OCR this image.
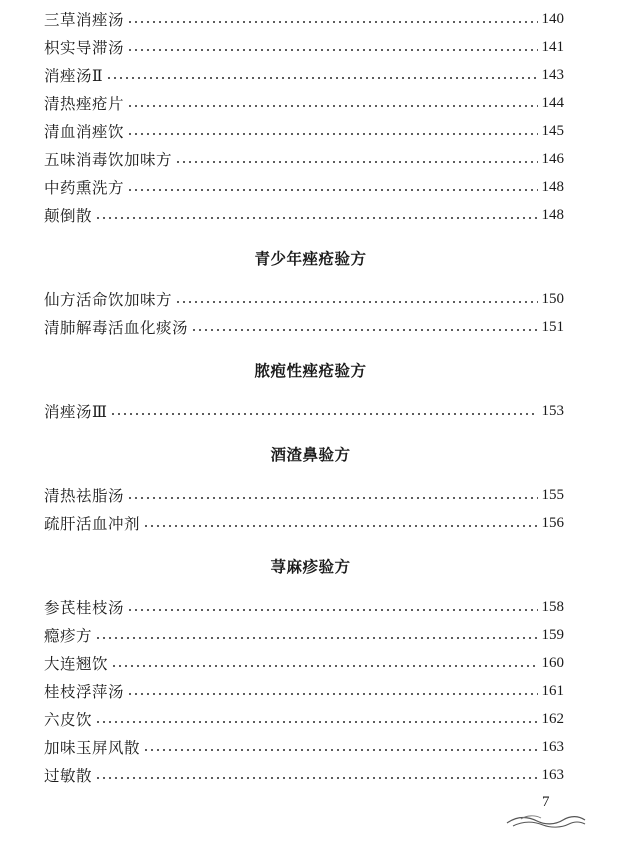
三草消痤汤	140
枳实导滞汤	141
消痤汤Ⅱ	143
清热痤疮片	144
清血消痤饮	145
五味消毒饮加味方	146
中药熏洗方	148
颠倒散	148
青少年痤疮验方
仙方活命饮加味方	150
清肺解毒活血化痰汤	151
脓疱性痤疮验方
消痤汤Ⅲ	153
酒渣鼻验方
清热祛脂汤	155
疏肝活血冲剂	156
荨麻疹验方
参芪桂枝汤	158
瘾疹方	159
大连翘饮	160
桂枝浮萍汤	161
六皮饮	162
加味玉屏风散	163
过敏散	163
7
